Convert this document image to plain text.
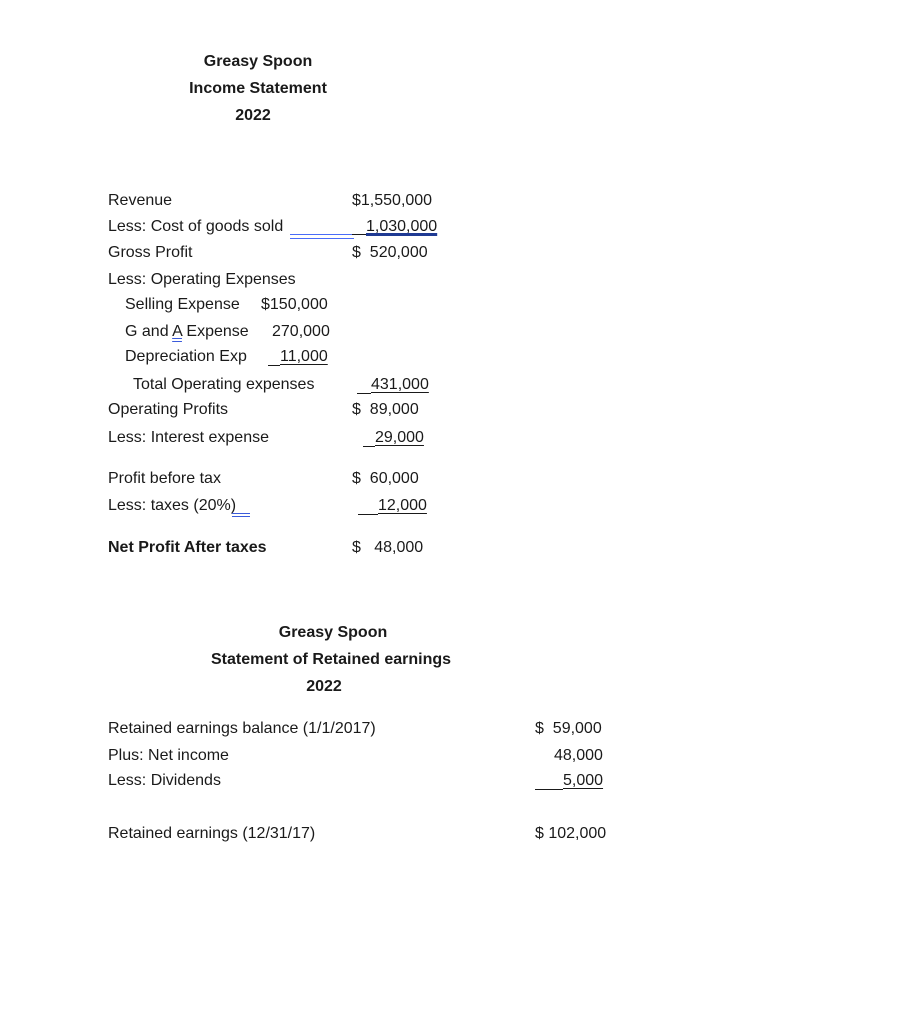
Greasy Spoon
Income Statement
2022
Revenue	$1,550,000
Less: Cost of goods sold	1,030,000
Gross Profit	$  520,000
Less: Operating Expenses
Selling Expense $150,000
G and A Expense 270,000
Depreciation Exp 11,000
Total Operating expenses	431,000
Operating Profits	$  89,000
Less: Interest expense	29,000
Profit before tax	$  60,000
Less: taxes (20%)	12,000
Net Profit After taxes	$   48,000
Greasy Spoon
Statement of Retained earnings
2022
Retained earnings balance (1/1/2017)	$  59,000
Plus: Net income	48,000
Less: Dividends	5,000
Retained earnings (12/31/17)	$ 102,000
